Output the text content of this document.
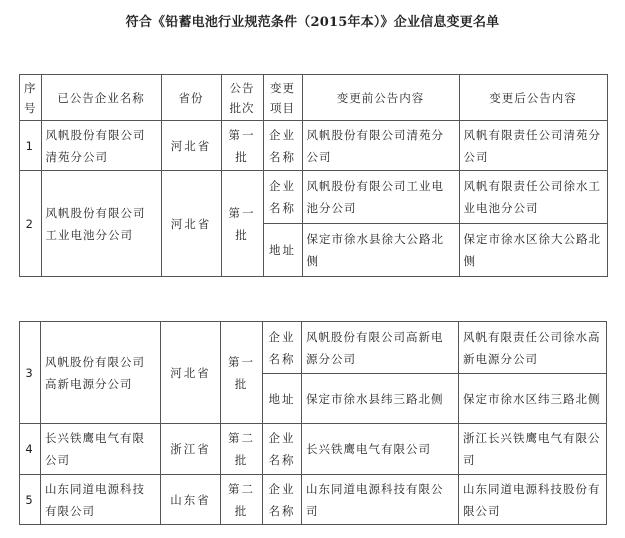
符合《铅蓄电池行业规范条件（2015年本）》企业信息变更名单
序号	已公告企业名称	省份	公告批次	变更项目	变更前公告内容	变更后公告内容
1	风帆股份有限公司清苑分公司	河北省	第一批	企业名称	风帆股份有限公司清苑分公司	风帆有限责任公司清苑分公司
2	风帆股份有限公司工业电池分公司	河北省	第一批	企业名称	风帆股份有限公司工业电池分公司	风帆有限责任公司徐水工业电池分公司
				地址	保定市徐水县徐大公路北侧	保定市徐水区徐大公路北侧
3	风帆股份有限公司高新电源分公司	河北省	第一批	企业名称	风帆股份有限公司高新电源分公司	风帆有限责任公司徐水高新电源分公司
				地址	保定市徐水县纬三路北侧	保定市徐水区纬三路北侧
4	长兴铁鹰电气有限公司	浙江省	第二批	企业名称	长兴铁鹰电气有限公司	浙江长兴铁鹰电气有限公司
5	山东同道电源科技有限公司	山东省	第二批	企业名称	山东同道电源科技有限公司	山东同道电源科技股份有限公司
